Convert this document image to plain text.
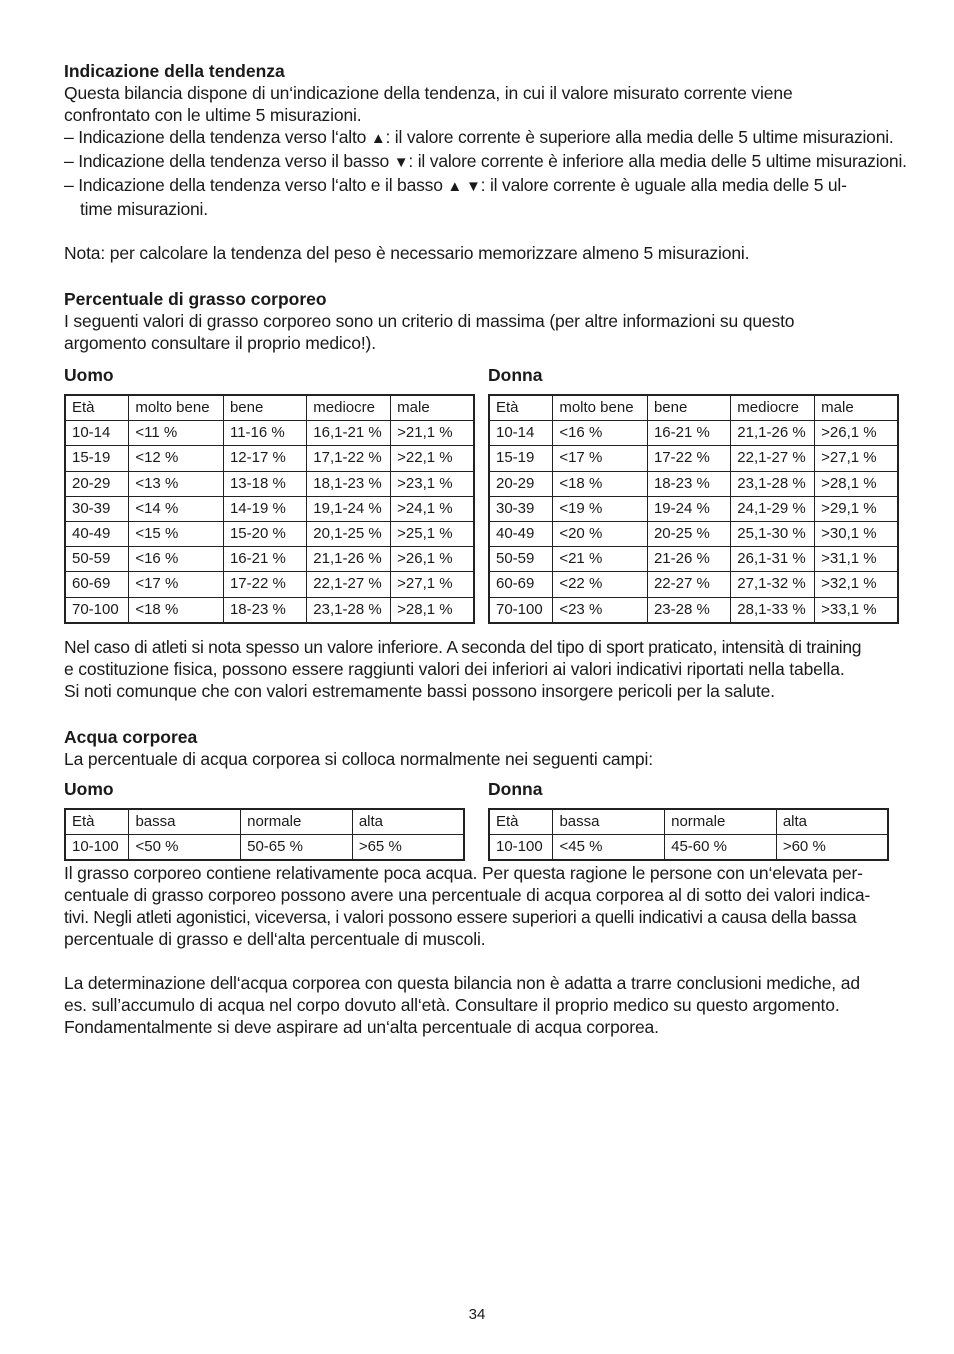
Indicazione della tendenza

Questa bilancia dispone di un‘indicazione della tendenza, in cui il valore misurato corrente viene

confrontato con le ultime 5 misurazioni.

– Indicazione della tendenza verso l‘alto ▲: il valore corrente è superiore alla media delle 5 ultime misurazioni.
– Indicazione della tendenza verso il basso ▼: il valore corrente è inferiore alla media delle 5 ultime misurazioni.
– Indicazione della tendenza verso l‘alto e il basso ▲ ▼: il valore corrente è uguale alla media delle 5 ul-
time misurazioni.

Nota: per calcolare la tendenza del peso è necessario memorizzare almeno 5 misurazioni.

Percentuale di grasso corporeo

I seguenti valori di grasso corporeo sono un criterio di massima (per altre informazioni su questo

argomento consultare il proprio medico!).

Uomo
Età	molto bene	bene	mediocre	male
10-14	<11 %	11-16 %	16,1-21 %	>21,1 %
15-19	<12 %	12-17 %	17,1-22 %	>22,1 %
20-29	<13 %	13-18 %	18,1-23 %	>23,1 %
30-39	<14 %	14-19 %	19,1-24 %	>24,1 %
40-49	<15 %	15-20 %	20,1-25 %	>25,1 %
50-59	<16 %	16-21 %	21,1-26 %	>26,1 %
60-69	<17 %	17-22 %	22,1-27 %	>27,1 %
70-100	<18 %	18-23 %	23,1-28 %	>28,1 %
Donna
Età	molto bene	bene	mediocre	male
10-14	<16 %	16-21 %	21,1-26 %	>26,1 %
15-19	<17 %	17-22 %	22,1-27 %	>27,1 %
20-29	<18 %	18-23 %	23,1-28 %	>28,1 %
30-39	<19 %	19-24 %	24,1-29 %	>29,1 %
40-49	<20 %	20-25 %	25,1-30 %	>30,1 %
50-59	<21 %	21-26 %	26,1-31 %	>31,1 %
60-69	<22 %	22-27 %	27,1-32 %	>32,1 %
70-100	<23 %	23-28 %	28,1-33 %	>33,1 %

Nel caso di atleti si nota spesso un valore inferiore. A seconda del tipo di sport praticato, intensità di training

e costituzione fisica, possono essere raggiunti valori dei inferiori ai valori indicativi riportati nella tabella.

Si noti comunque che con valori estremamente bassi possono insorgere pericoli per la salute.

Acqua corporea

La percentuale di acqua corporea si colloca normalmente nei seguenti campi:

Uomo
Età	bassa	normale	alta
10-100	<50 %	50-65 %	>65 %
Donna
Età	bassa	normale	alta
10-100	<45 %	45-60 %	>60 %

Il grasso corporeo contiene relativamente poca acqua. Per questa ragione le persone con un‘elevata per-

centuale di grasso corporeo possono avere una percentuale di acqua corporea al di sotto dei valori indica-

tivi. Negli atleti agonistici, viceversa, i valori possono essere superiori a quelli indicativi a causa della bassa

percentuale di grasso e dell‘alta percentuale di muscoli.

La determinazione dell‘acqua corporea con questa bilancia non è adatta a trarre conclusioni mediche, ad

es. sull’accumulo di acqua nel corpo dovuto all‘età. Consultare il proprio medico su questo argomento.

Fondamentalmente si deve aspirare ad un‘alta percentuale di acqua corporea.

34
